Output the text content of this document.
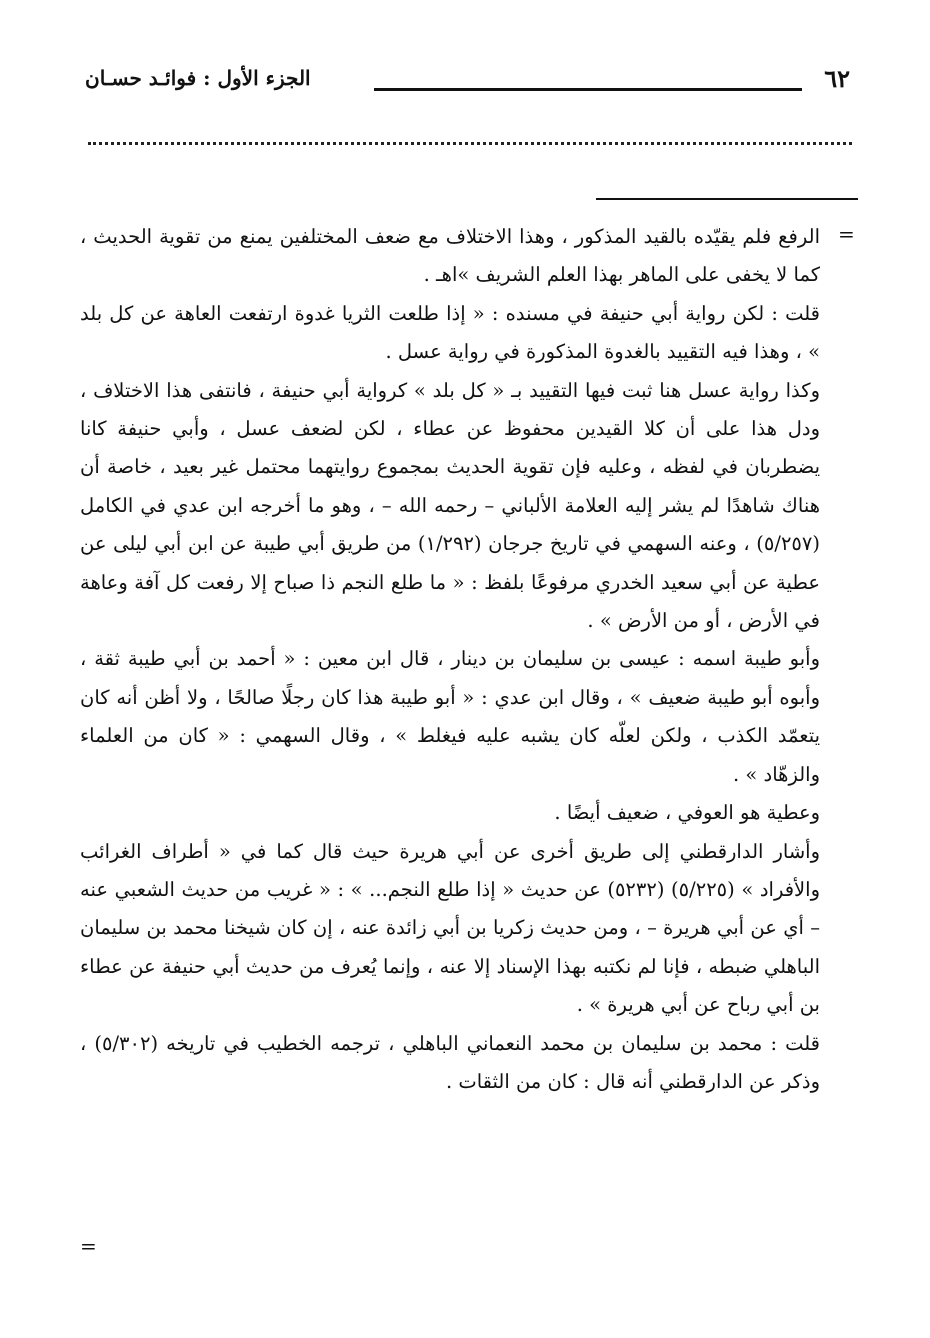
٦٢
الجزء الأول : فوائـد حسـان
=
=

الرفع فلم يقيّده بالقيد المذكور ، وهذا الاختلاف مع ضعف المختلفين يمنع من تقوية الحديث ، كما لا يخفى على الماهر بهذا العلم الشريف »اهـ .

قلت : لكن رواية أبي حنيفة في مسنده : « إذا طلعت الثريا غدوة ارتفعت العاهة عن كل بلد » ، وهذا فيه التقييد بالغدوة المذكورة في رواية عسل .

وكذا رواية عسل هنا ثبت فيها التقييد بـ « كل بلد » كرواية أبي حنيفة ، فانتفى هذا الاختلاف ، ودل هذا على أن كلا القيدين محفوظ عن عطاء ، لكن لضعف عسل ، وأبي حنيفة كانا يضطربان في لفظه ، وعليه فإن تقوية الحديث بمجموع روايتهما محتمل غير بعيد ، خاصة أن هناك شاهدًا لم يشر إليه العلامة الألباني – رحمه الله – ، وهو ما أخرجه ابن عدي في الكامل (٥/٢٥٧) ، وعنه السهمي في تاريخ جرجان (١/٢٩٢) من طريق أبي طيبة عن ابن أبي ليلى عن عطية عن أبي سعيد الخدري مرفوعًا بلفظ : « ما طلع النجم ذا صباح إلا رفعت كل آفة وعاهة في الأرض ، أو من الأرض » .

وأبو طيبة اسمه : عيسى بن سليمان بن دينار ، قال ابن معين : « أحمد بن أبي طيبة ثقة ، وأبوه أبو طيبة ضعيف » ، وقال ابن عدي : « أبو طيبة هذا كان رجلًا صالحًا ، ولا أظن أنه كان يتعمّد الكذب ، ولكن لعلّه كان يشبه عليه فيغلط » ، وقال السهمي : « كان من العلماء والزهّاد » .

وعطية هو العوفي ، ضعيف أيضًا .

وأشار الدارقطني إلى طريق أخرى عن أبي هريرة حيث قال كما في « أطراف الغرائب والأفراد » (٥/٢٢٥) (٥٢٣٢) عن حديث « إذا طلع النجم... » : « غريب من حديث الشعبي عنه – أي عن أبي هريرة – ، ومن حديث زكريا بن أبي زائدة عنه ، إن كان شيخنا محمد بن سليمان الباهلي ضبطه ، فإنا لم نكتبه بهذا الإسناد إلا عنه ، وإنما يُعرف من حديث أبي حنيفة عن عطاء بن أبي رباح عن أبي هريرة » .

قلت : محمد بن سليمان بن محمد النعماني الباهلي ، ترجمه الخطيب في تاريخه (٥/٣٠٢) ، وذكر عن الدارقطني أنه قال : كان من الثقات .
